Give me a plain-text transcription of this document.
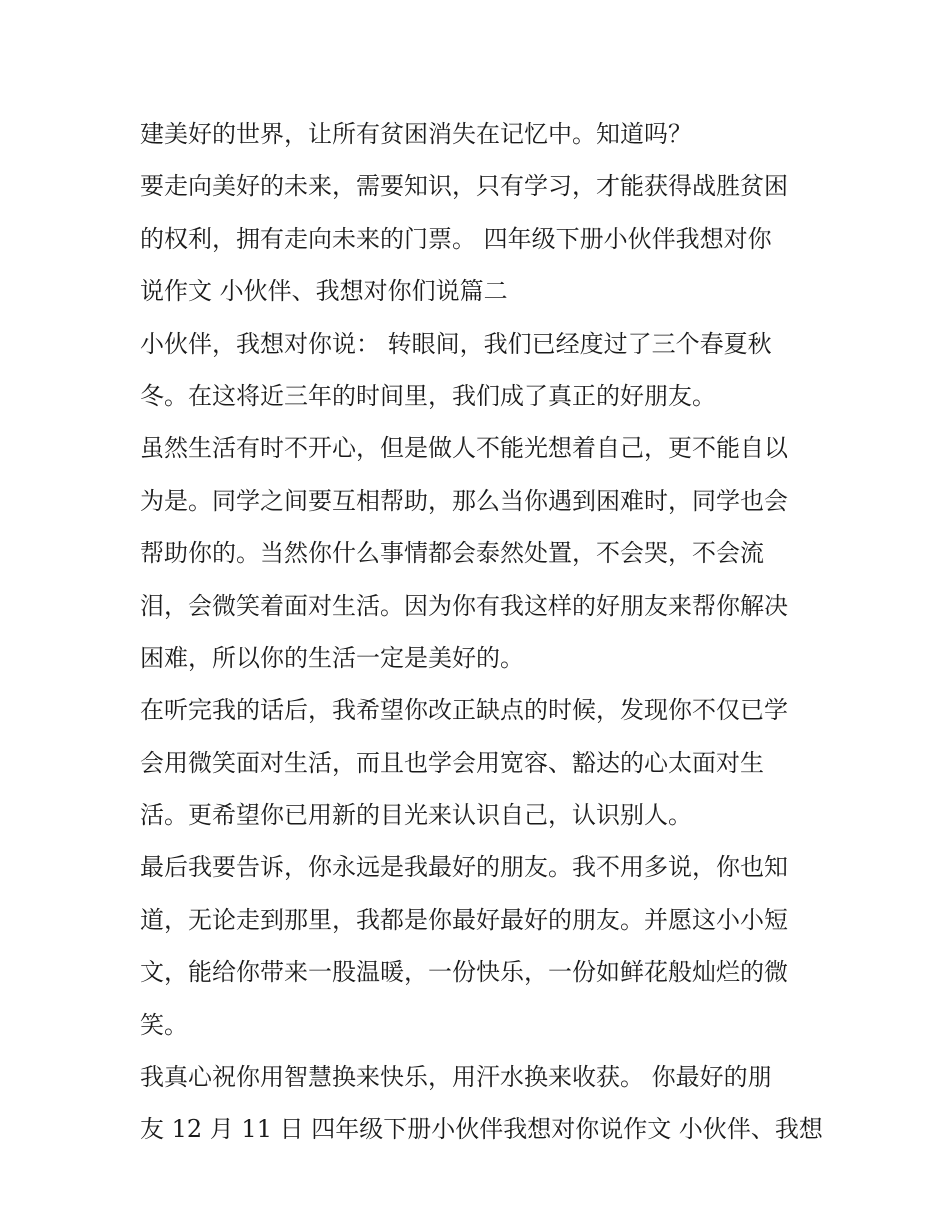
建美好的世界，让所有贫困消失在记忆中。知道吗？
要走向美好的未来，需要知识，只有学习，才能获得战胜贫困
的权利，拥有走向未来的门票。 四年级下册小伙伴我想对你
说作文 小伙伴、我想对你们说篇二
小伙伴，我想对你说： 转眼间，我们已经度过了三个春夏秋
冬。在这将近三年的时间里，我们成了真正的好朋友。
虽然生活有时不开心，但是做人不能光想着自己，更不能自以
为是。同学之间要互相帮助，那么当你遇到困难时，同学也会
帮助你的。当然你什么事情都会泰然处置，不会哭，不会流
泪，会微笑着面对生活。因为你有我这样的好朋友来帮你解决
困难，所以你的生活一定是美好的。
在听完我的话后，我希望你改正缺点的时候，发现你不仅已学
会用微笑面对生活，而且也学会用宽容、豁达的心太面对生
活。更希望你已用新的目光来认识自己，认识别人。
最后我要告诉，你永远是我最好的朋友。我不用多说，你也知
道，无论走到那里，我都是你最好最好的朋友。并愿这小小短
文，能给你带来一股温暖，一份快乐，一份如鲜花般灿烂的微
笑。
我真心祝你用智慧换来快乐，用汗水换来收获。 你最好的朋
友 12 月 11 日 四年级下册小伙伴我想对你说作文 小伙伴、我想
